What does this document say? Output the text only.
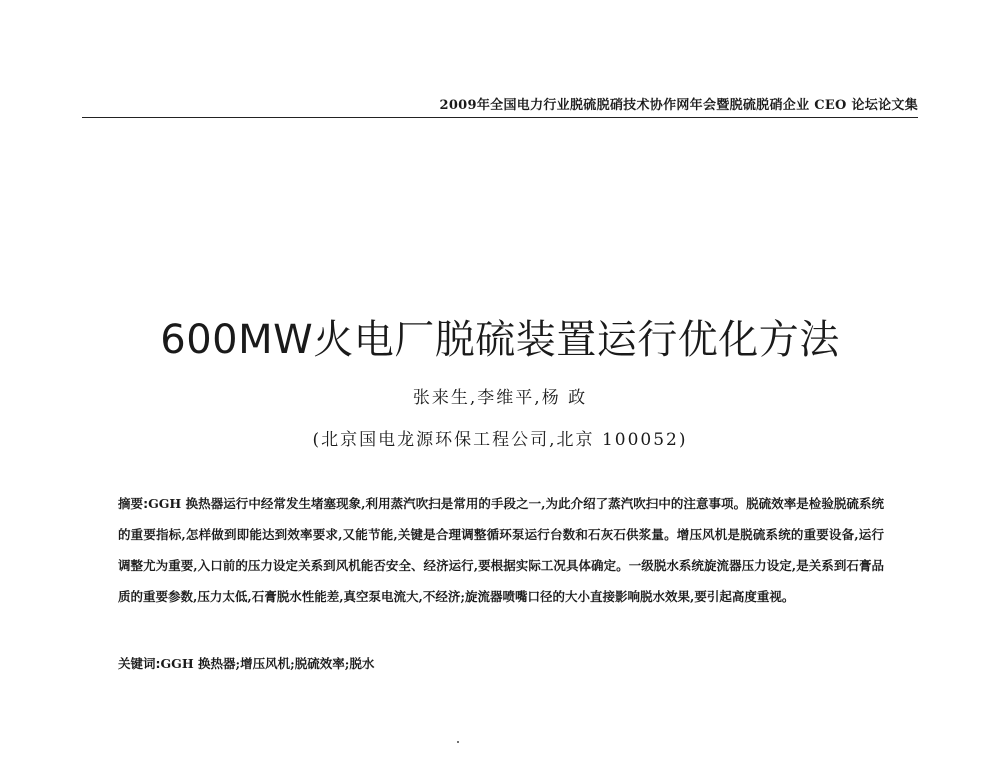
2009年全国电力行业脱硫脱硝技术协作网年会暨脱硫脱硝企业 CEO 论坛论文集
600MW火电厂脱硫装置运行优化方法
张来生,李维平,杨 政
(北京国电龙源环保工程公司,北京 100052)
摘要:GGH 换热器运行中经常发生堵塞现象,利用蒸汽吹扫是常用的手段之一,为此介绍了蒸汽吹扫中的注意事项。脱硫效率是检验脱硫系统的重要指标,怎样做到即能达到效率要求,又能节能,关键是合理调整循环泵运行台数和石灰石供浆量。增压风机是脱硫系统的重要设备,运行调整尤为重要,入口前的压力设定关系到风机能否安全、经济运行,要根据实际工况具体确定。一级脱水系统旋流器压力设定,是关系到石膏品质的重要参数,压力太低,石膏脱水性能差,真空泵电流大,不经济;旋流器喷嘴口径的大小直接影响脱水效果,要引起高度重视。
关键词:GGH 换热器;增压风机;脱硫效率;脱水
